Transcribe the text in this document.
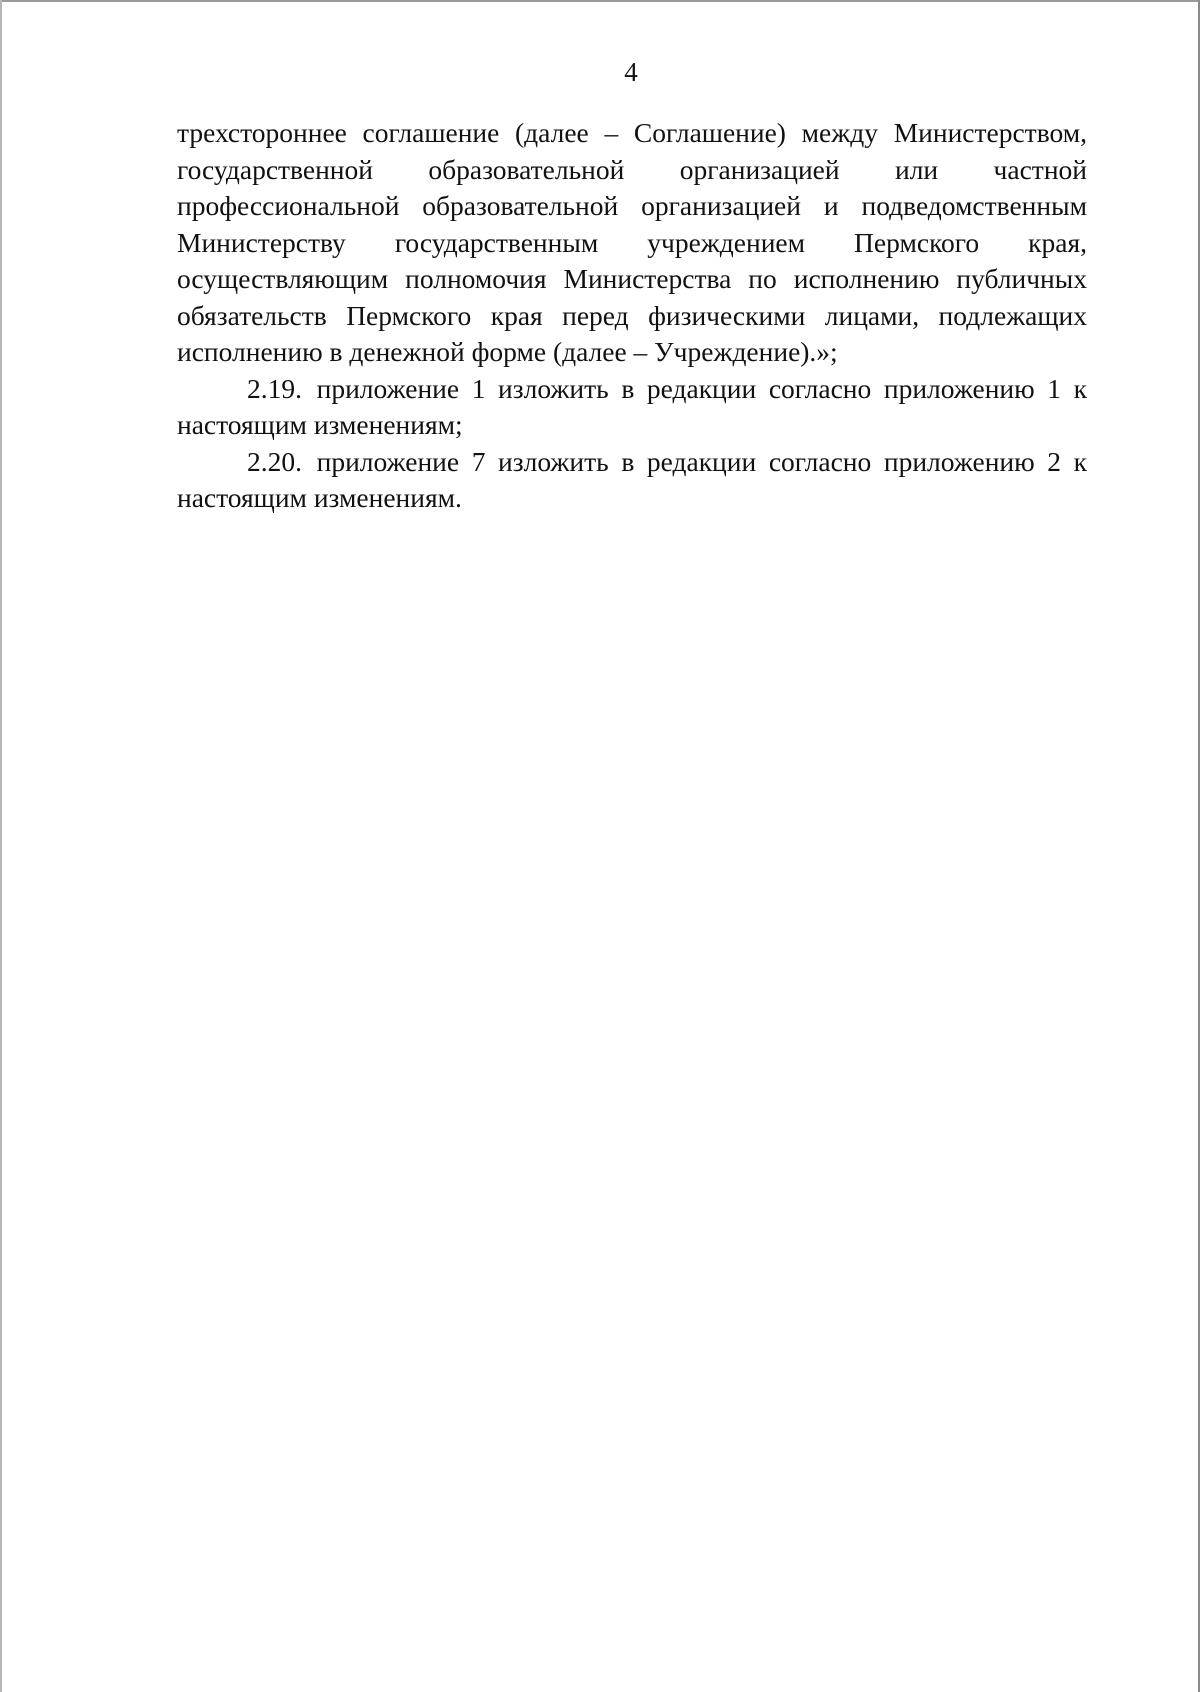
4

трехстороннее соглашение (далее – Соглашение) между Министерством, государственной образовательной организацией или частной профессиональной образовательной организацией и подведомственным Министерству государственным учреждением Пермского края, осуществляющим полномочия Министерства по исполнению публичных обязательств Пермского края перед физическими лицами, подлежащих исполнению в денежной форме (далее – Учреждение).»;

2.19. приложение 1 изложить в редакции согласно приложению 1 к настоящим изменениям;

2.20. приложение 7 изложить в редакции согласно приложению 2 к настоящим изменениям.
